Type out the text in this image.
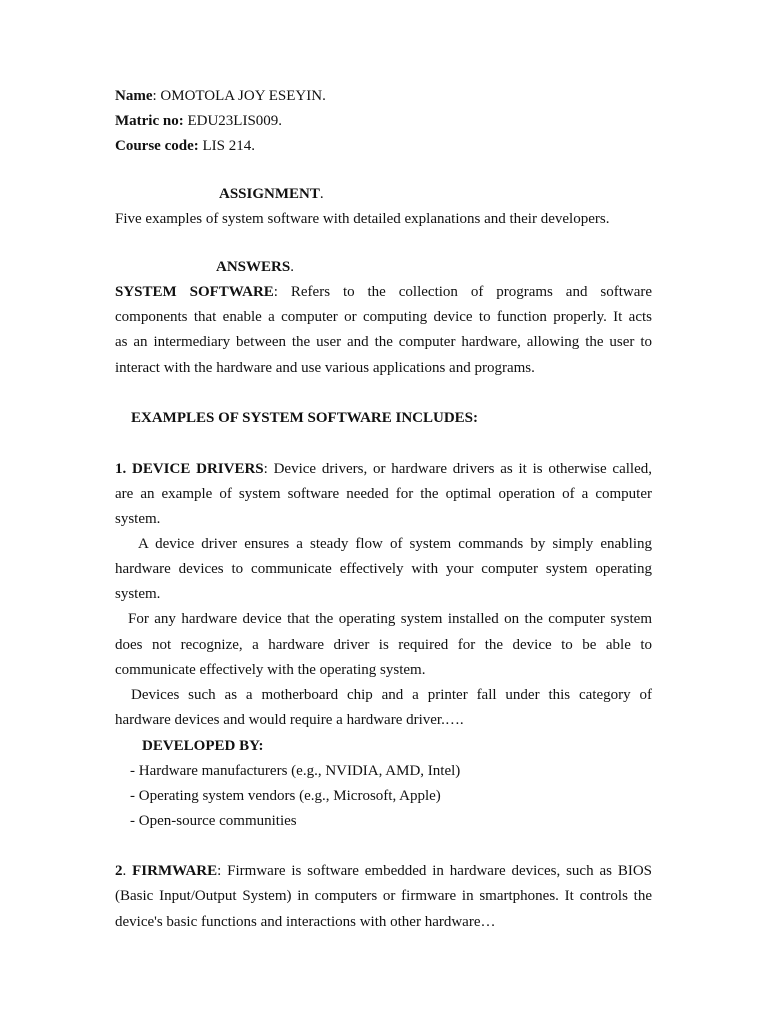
Name: OMOTOLA JOY ESEYIN.

Matric no: EDU23LIS009.

Course code: LIS 214.

ASSIGNMENT.

Five examples of system software with detailed explanations and their developers.

ANSWERS.

SYSTEM SOFTWARE: Refers to the collection of programs and software

components that enable a computer or computing device to function properly. It acts

as an intermediary between the user and the computer hardware, allowing the user to

interact with the hardware and use various applications and programs.

EXAMPLES OF SYSTEM SOFTWARE INCLUDES:

1. DEVICE DRIVERS: Device drivers, or hardware drivers as it is otherwise called,

are an example of system software needed for the optimal operation of a computer

system.

A device driver ensures a steady flow of system commands by simply enabling

hardware devices to communicate effectively with your computer system operating

system.

For any hardware device that the operating system installed on the computer system

does not recognize, a hardware driver is required for the device to be able to

communicate effectively with the operating system.

Devices such as a motherboard chip and a printer fall under this category of

hardware devices and would require a hardware driver.….

DEVELOPED BY:

- Hardware manufacturers (e.g., NVIDIA, AMD, Intel)

- Operating system vendors (e.g., Microsoft, Apple)

- Open-source communities

2. FIRMWARE: Firmware is software embedded in hardware devices, such as BIOS

(Basic Input/Output System) in computers or firmware in smartphones. It controls the

device's basic functions and interactions with other hardware…
